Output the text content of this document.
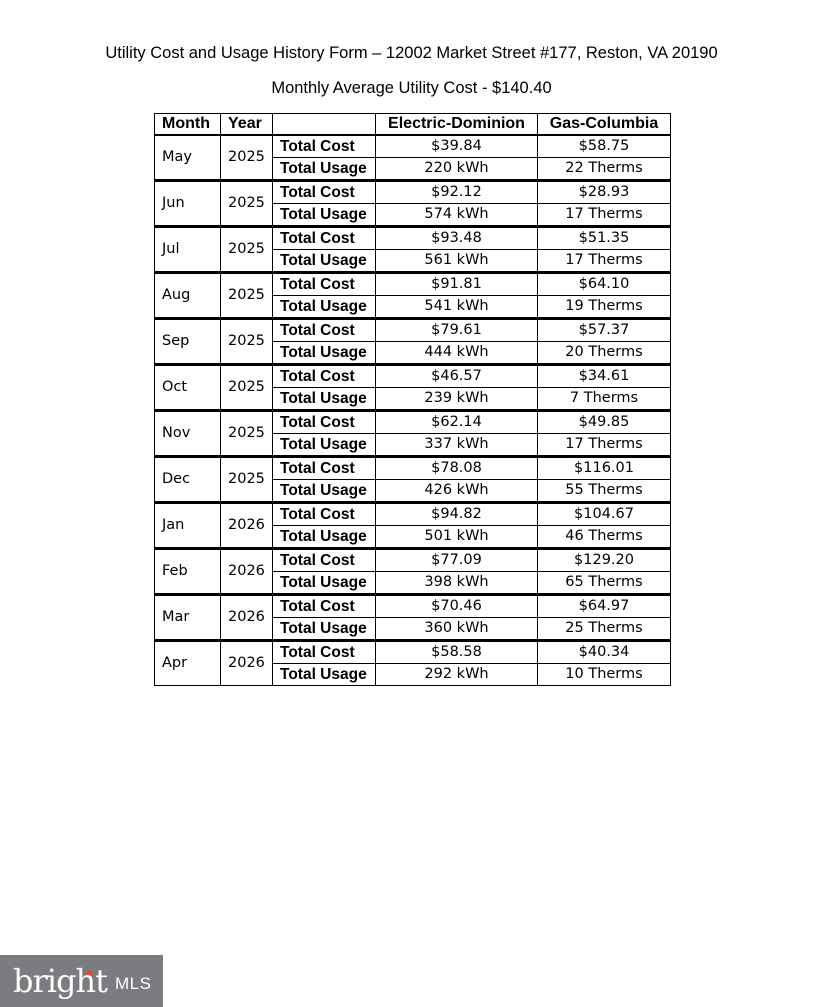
Utility Cost and Usage History Form – 12002 Market Street #177, Reston, VA 20190
Monthly Average Utility Cost - $140.40
Month	Year		Electric-Dominion	Gas-Columbia
May	2025	Total Cost	$39.84	$58.75
		Total Usage	220 kWh	22 Therms
Jun	2025	Total Cost	$92.12	$28.93
		Total Usage	574 kWh	17 Therms
Jul	2025	Total Cost	$93.48	$51.35
		Total Usage	561 kWh	17 Therms
Aug	2025	Total Cost	$91.81	$64.10
		Total Usage	541 kWh	19 Therms
Sep	2025	Total Cost	$79.61	$57.37
		Total Usage	444 kWh	20 Therms
Oct	2025	Total Cost	$46.57	$34.61
		Total Usage	239 kWh	7 Therms
Nov	2025	Total Cost	$62.14	$49.85
		Total Usage	337 kWh	17 Therms
Dec	2025	Total Cost	$78.08	$116.01
		Total Usage	426 kWh	55 Therms
Jan	2026	Total Cost	$94.82	$104.67
		Total Usage	501 kWh	46 Therms
Feb	2026	Total Cost	$77.09	$129.20
		Total Usage	398 kWh	65 Therms
Mar	2026	Total Cost	$70.46	$64.97
		Total Usage	360 kWh	25 Therms
Apr	2026	Total Cost	$58.58	$40.34
		Total Usage	292 kWh	10 Therms
bright MLS
